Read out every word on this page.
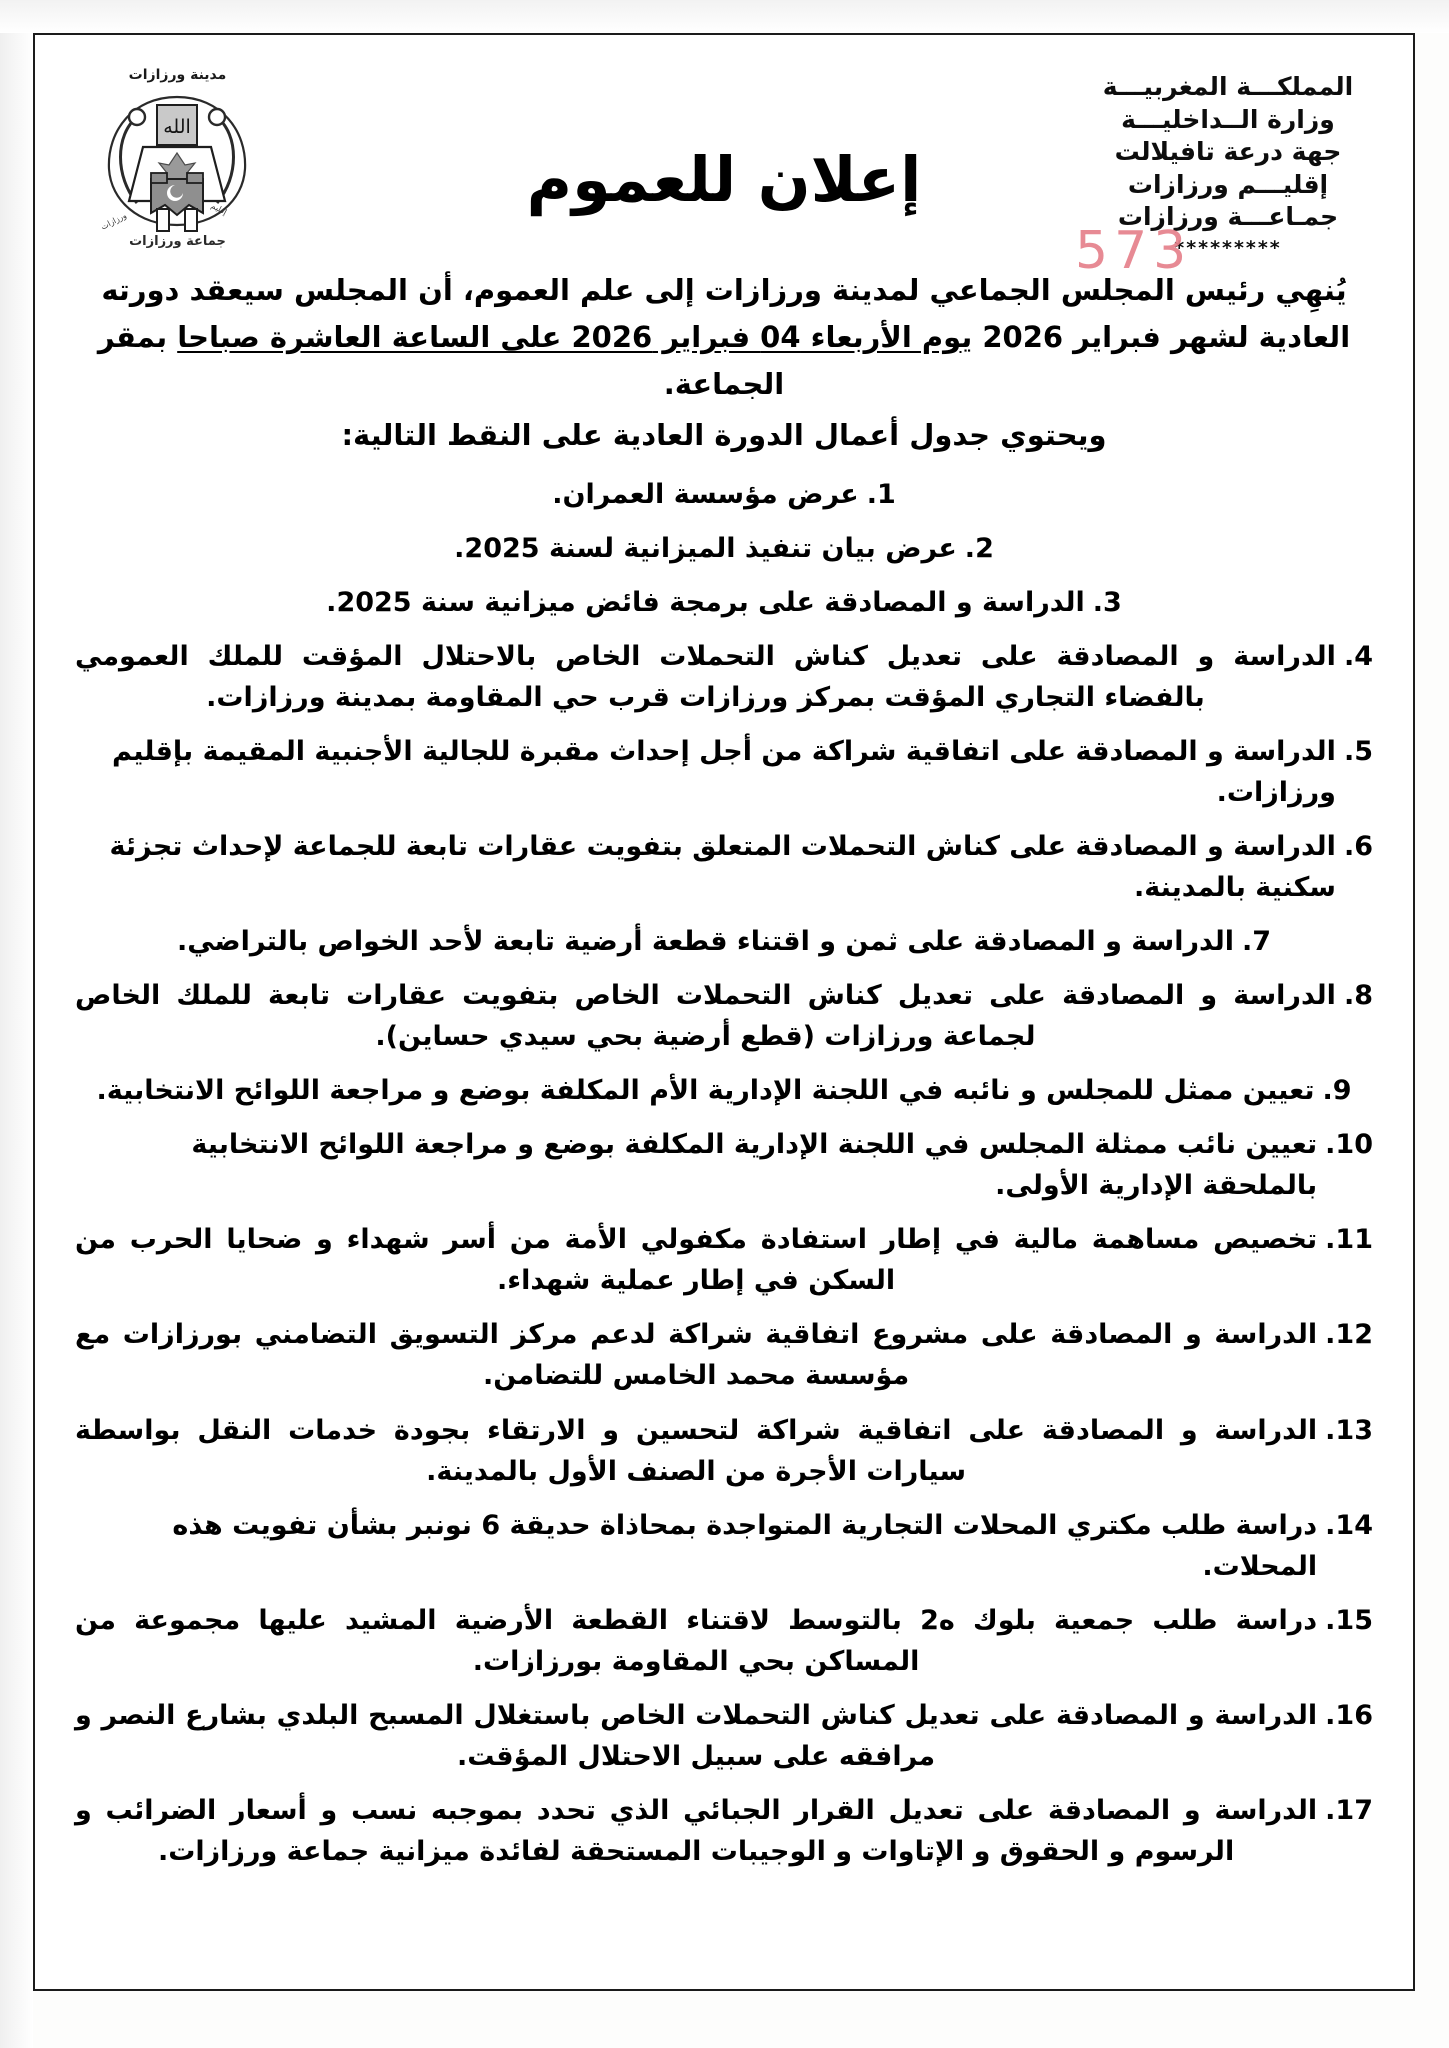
مدينة ورزازات
الله
ورزازات
إقليم
جماعة ورزازات
المملكـــة المغربيـــة
وزارة الــداخليـــة
جهة درعة تافيلالت
إقليـــم ورزازات
جمـاعـــة ورزازات
*********
إعلان للعموم
573
يُنهِي رئيس المجلس الجماعي لمدينة ورزازات إلى علم العموم، أن المجلس سيعقد دورته العادية لشهر فبراير 2026 يوم الأربعاء 04 فبراير 2026 على الساعة العاشرة صباحا بمقر الجماعة.
ويحتوي جدول أعمال الدورة العادية على النقط التالية:
1.
عرض مؤسسة العمران.
2.
عرض بيان تنفيذ الميزانية لسنة 2025.
3.
الدراسة و المصادقة على برمجة فائض ميزانية سنة 2025.
4.
الدراسة و المصادقة على تعديل كناش التحملات الخاص بالاحتلال المؤقت للملك العمومي بالفضاء التجاري المؤقت بمركز ورزازات قرب حي المقاومة بمدينة ورزازات.
5.
الدراسة و المصادقة على اتفاقية شراكة من أجل إحداث مقبرة للجالية الأجنبية المقيمة بإقليم ورزازات.
6.
الدراسة و المصادقة على كناش التحملات المتعلق بتفويت عقارات تابعة للجماعة لإحداث تجزئة سكنية بالمدينة.
7.
الدراسة و المصادقة على ثمن و اقتناء قطعة أرضية تابعة لأحد الخواص بالتراضي.
8.
الدراسة و المصادقة على تعديل كناش التحملات الخاص بتفويت عقارات تابعة للملك الخاص لجماعة ورزازات (قطع أرضية بحي سيدي حساين).
9.
تعيين ممثل للمجلس و نائبه في اللجنة الإدارية الأم المكلفة بوضع و مراجعة اللوائح الانتخابية.
10.
تعيين نائب ممثلة المجلس في اللجنة الإدارية المكلفة بوضع و مراجعة اللوائح الانتخابية بالملحقة الإدارية الأولى.
11.
تخصيص مساهمة مالية في إطار استفادة مكفولي الأمة من أسر شهداء و ضحايا الحرب من السكن في إطار عملية شهداء.
12.
الدراسة و المصادقة على مشروع اتفاقية شراكة لدعم مركز التسويق التضامني بورزازات مع مؤسسة محمد الخامس للتضامن.
13.
الدراسة و المصادقة على اتفاقية شراكة لتحسين و الارتقاء بجودة خدمات النقل بواسطة سيارات الأجرة من الصنف الأول بالمدينة.
14.
دراسة طلب مكتري المحلات التجارية المتواجدة بمحاذاة حديقة 6 نونبر بشأن تفويت هذه المحلات.
15.
دراسة طلب جمعية بلوك ه2 بالتوسط لاقتناء القطعة الأرضية المشيد عليها مجموعة من المساكن بحي المقاومة بورزازات.
16.
الدراسة و المصادقة على تعديل كناش التحملات الخاص باستغلال المسبح البلدي بشارع النصر و مرافقه على سبيل الاحتلال المؤقت.
17.
الدراسة و المصادقة على تعديل القرار الجبائي الذي تحدد بموجبه نسب و أسعار الضرائب و الرسوم و الحقوق و الإتاوات و الوجيبات المستحقة لفائدة ميزانية جماعة ورزازات.
